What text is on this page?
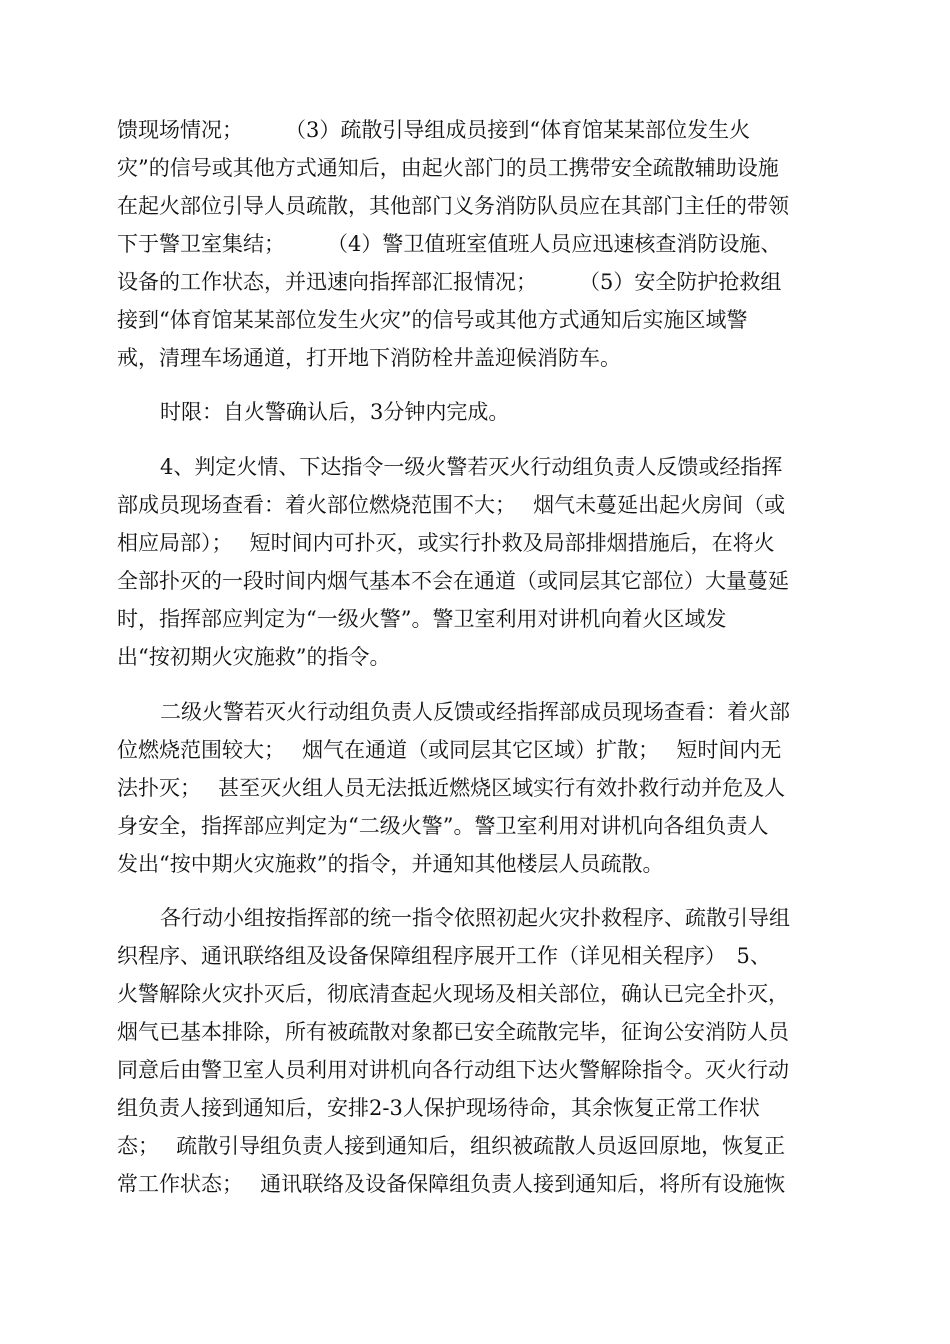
馈现场情况；　　　（3）疏散引导组成员接到“体育馆某某部位发生火
灾”的信号或其他方式通知后，由起火部门的员工携带安全疏散辅助设施
在起火部位引导人员疏散，其他部门义务消防队员应在其部门主任的带领
下于警卫室集结；　　　（4）警卫值班室值班人员应迅速核查消防设施、
设备的工作状态，并迅速向指挥部汇报情况；　　　（5）安全防护抢救组
接到“体育馆某某部位发生火灾”的信号或其他方式通知后实施区域警
戒，清理车场通道，打开地下消防栓井盖迎候消防车。
时限：自火警确认后，3分钟内完成。
4、判定火情、下达指令一级火警若灭火行动组负责人反馈或经指挥
部成员现场查看：着火部位燃烧范围不大；　 烟气未蔓延出起火房间（或
相应局部）；　 短时间内可扑灭，或实行扑救及局部排烟措施后，在将火
全部扑灭的一段时间内烟气基本不会在通道（或同层其它部位）大量蔓延
时，指挥部应判定为“一级火警”。警卫室利用对讲机向着火区域发
出“按初期火灾施救”的指令。
二级火警若灭火行动组负责人反馈或经指挥部成员现场查看：着火部
位燃烧范围较大；　 烟气在通道（或同层其它区域）扩散；　 短时间内无
法扑灭；　 甚至灭火组人员无法抵近燃烧区域实行有效扑救行动并危及人
身安全，指挥部应判定为“二级火警”。警卫室利用对讲机向各组负责人
发出“按中期火灾施救”的指令，并通知其他楼层人员疏散。
各行动小组按指挥部的统一指令依照初起火灾扑救程序、疏散引导组
织程序、通讯联络组及设备保障组程序展开工作（详见相关程序）　5、
火警解除火灾扑灭后，彻底清查起火现场及相关部位，确认已完全扑灭，
烟气已基本排除，所有被疏散对象都已安全疏散完毕，征询公安消防人员
同意后由警卫室人员利用对讲机向各行动组下达火警解除指令。灭火行动
组负责人接到通知后，安排2-3人保护现场待命，其余恢复正常工作状
态；　 疏散引导组负责人接到通知后，组织被疏散人员返回原地，恢复正
常工作状态；　 通讯联络及设备保障组负责人接到通知后，将所有设施恢
